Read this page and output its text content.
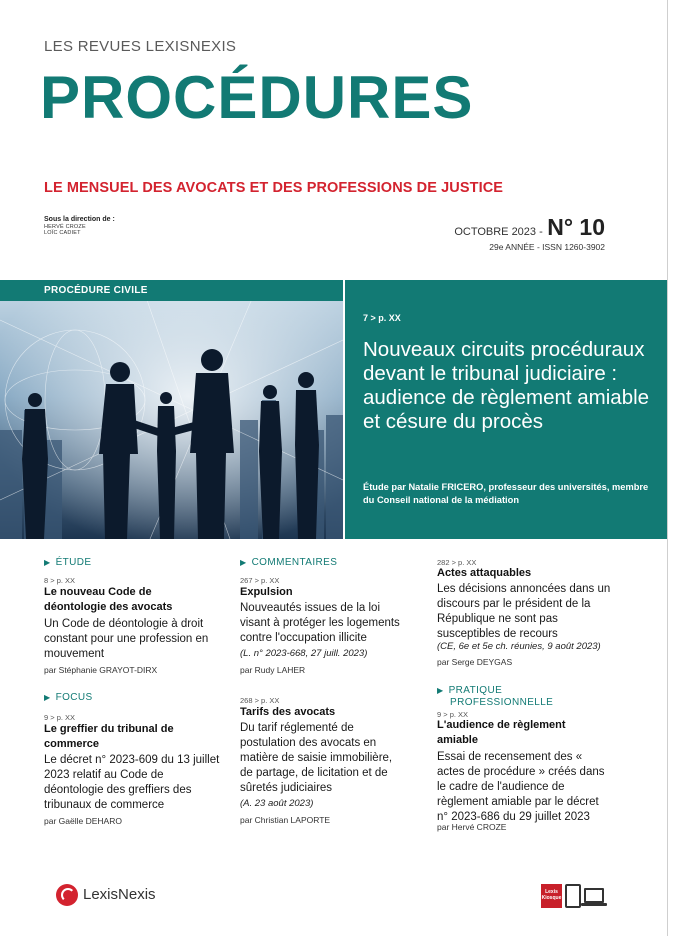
LES REVUES LEXISNEXIS
PROCÉDURES
LE MENSUEL DES AVOCATS ET DES PROFESSIONS DE JUSTICE
Sous la direction de :
HERVÉ CROZE
LOÏC CADIET	OCTOBRE 2023 - N° 10
29e ANNÉE - ISSN 1260-3902
PROCÉDURE CIVILE
7 > p. XX
Nouveaux circuits procéduraux devant le tribunal judiciaire : audience de règlement amiable et césure du procès
Étude par Natalie FRICERO, professeur des universités, membre du Conseil national de la médiation
▶ ÉTUDE
8 > p. XX
Le nouveau Code de déontologie des avocats
Un Code de déontologie à droit constant pour une profession en mouvement
par Stéphanie GRAYOT-DIRX
▶ FOCUS
9 > p. XX
Le greffier du tribunal de commerce
Le décret n° 2023-609 du 13 juillet 2023 relatif au Code de déontologie des greffiers des tribunaux de commerce
par Gaëlle DEHARO
▶ COMMENTAIRES
267 > p. XX
Expulsion
Nouveautés issues de la loi visant à protéger les logements contre l'occupation illicite
(L. n° 2023-668, 27 juill. 2023)
par Rudy LAHER
268 > p. XX
Tarifs des avocats
Du tarif réglementé de postulation des avocats en matière de saisie immobilière, de partage, de licitation et de sûretés judiciaires
(A. 23 août 2023)
par Christian LAPORTE
282 > p. XX
Actes attaquables
Les décisions annoncées dans un discours par le président de la République ne sont pas susceptibles de recours
(CE, 6e et 5e ch. réunies, 9 août 2023)
par Serge DEYGAS
▶ PRATIQUE
PROFESSIONNELLE
9 > p. XX
L'audience de règlement amiable
Essai de recensement des « actes de procédure » créés dans le cadre de l'audience de règlement amiable par le décret n° 2023-686 du 29 juillet 2023
par Hervé CROZE
LexisNexis	Lexis
Kiosque
